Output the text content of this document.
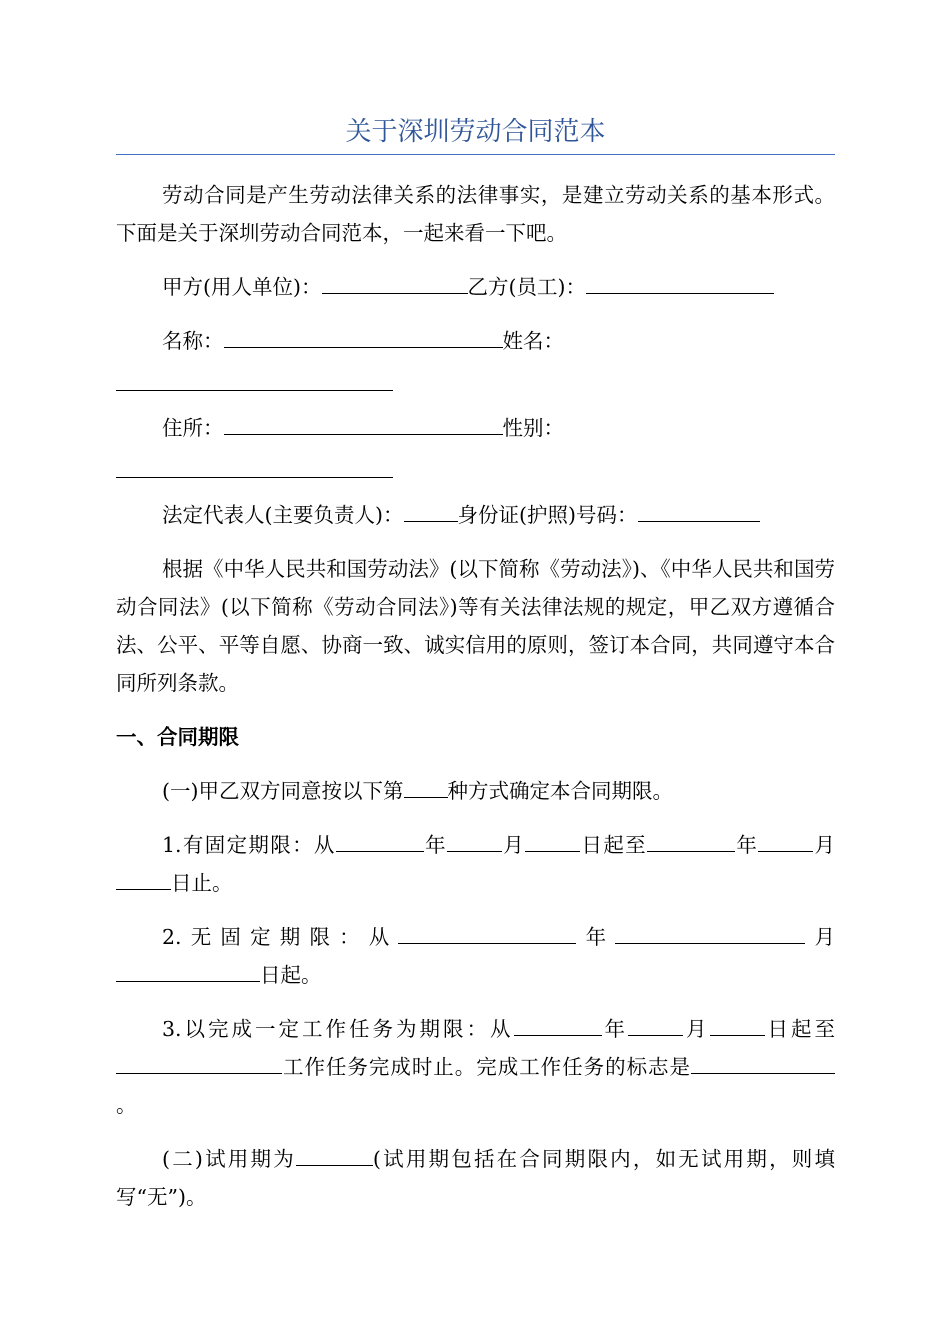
关于深圳劳动合同范本

劳动合同是产生劳动法律关系的法律事实，是建立劳动关系的基本形式。下面是关于深圳劳动合同范本，一起来看一下吧。

甲方(用人单位)：	乙方(员工)：

名称：	姓名：

住所：	性别：

法定代表人(主要负责人)：	身份证(护照)号码：

根据《中华人民共和国劳动法》(以下简称《劳动法》)、《中华人民共和国劳动合同法》(以下简称《劳动合同法》)等有关法律法规的规定，甲乙双方遵循合法、公平、平等自愿、协商一致、诚实信用的原则，签订本合同，共同遵守本合同所列条款。

一、合同期限

(一)甲乙双方同意按以下第 种方式确定本合同期限。

1.有固定期限：从	年	月	日起至	年	月日止。

2.无固定期限：从	年	月日起。

3.以完成一定工作任务为期限：从	年	月	日起至工作任务完成时止。完成工作任务的标志是。

(二)试用期为	(试用期包括在合同期限内，如无试用期，则填写“无”)。
